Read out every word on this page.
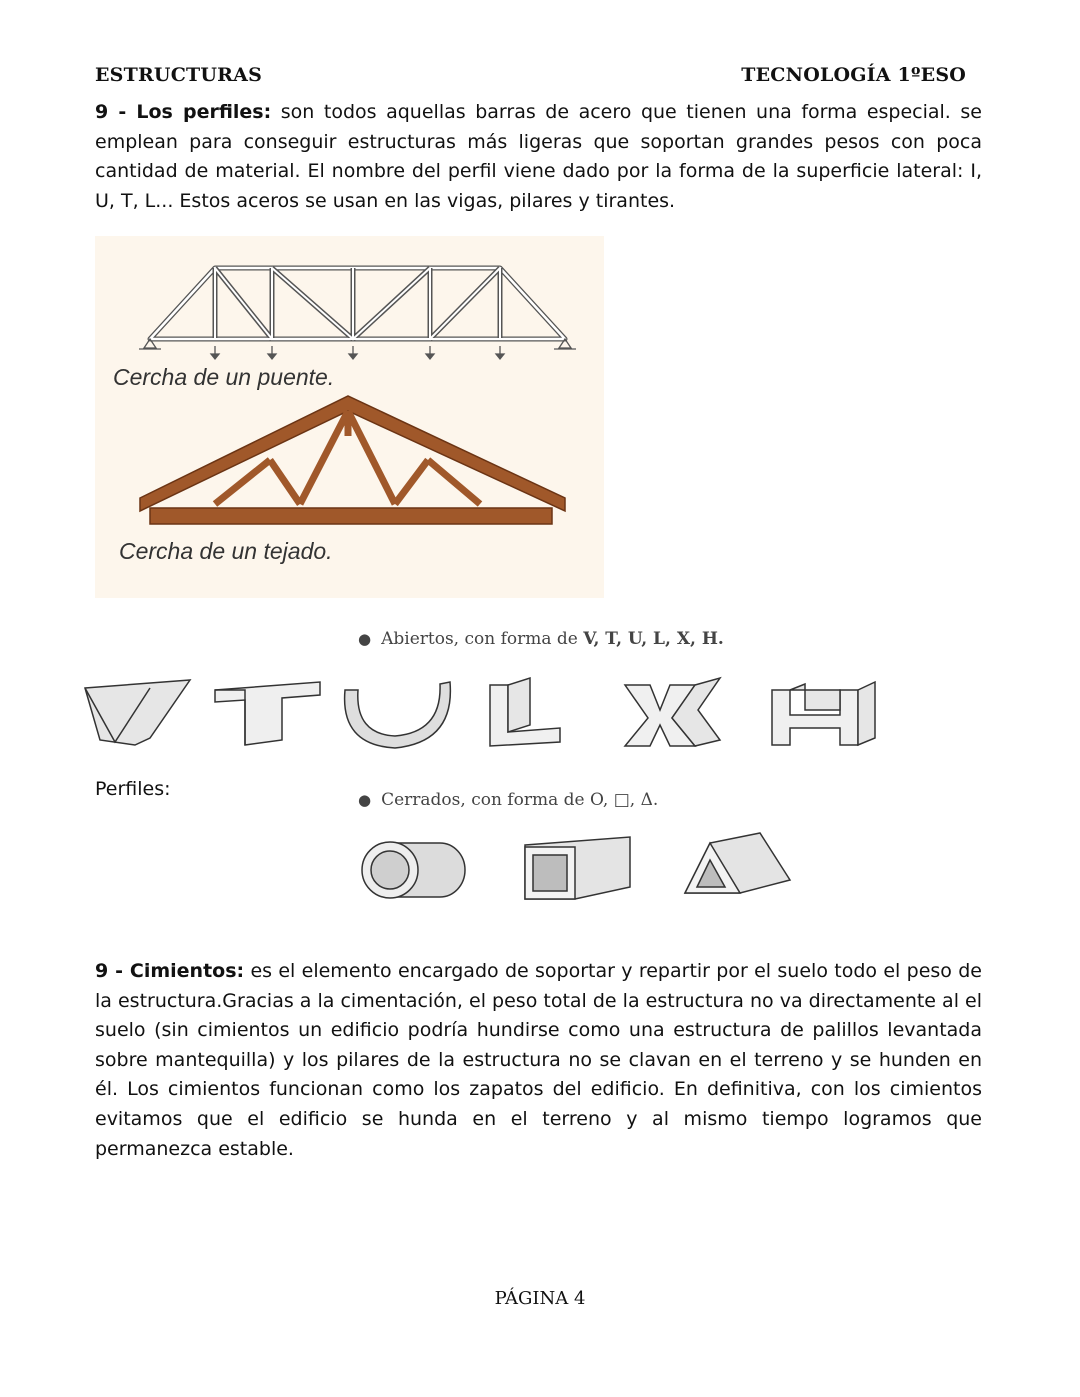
ESTRUCTURAS	TECNOLOGÍA 1ºESO
9 - Los perfiles: son todos aquellas barras de acero que tienen una forma especial. se emplean para conseguir estructuras más ligeras que soportan grandes pesos con poca cantidad de material. El nombre del perfil viene dado por la forma de la superficie lateral: I, U, T, L... Estos aceros se usan en las vigas, pilares y tirantes.
Cercha de un puente.
Cercha de un tejado.
● Abiertos, con forma de V, T, U, L, X, H.
● Cerrados, con forma de O, □, Δ.
Perfiles:
9 - Cimientos: es el elemento encargado de soportar y repartir por el suelo todo el peso de la estructura.Gracias a la cimentación, el peso total de la estructura no va directamente al el suelo (sin cimientos un edificio podría hundirse como una estructura de palillos levantada sobre mantequilla) y los pilares de la estructura no se clavan en el terreno y se hunden en él. Los cimientos funcionan como los zapatos del edificio. En definitiva, con los cimientos evitamos que el edificio se hunda en el terreno y al mismo tiempo logramos que permanezca estable.
PÁGINA 4
